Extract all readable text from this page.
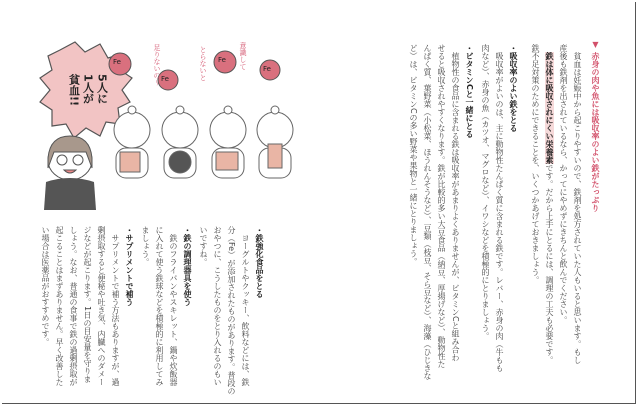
▼ 赤身の肉や魚には吸収率のよい鉄がたっぷり
　貧血は妊娠中から起こりやすいので、鉄剤を処方されていた人もいると思います。もし
産後も鉄剤を出されているなら、かってにやめずにきちんと飲んでください。
　鉄は体に吸収されにくい栄養素です。だから上手にとるには、調理の工夫も必要です。
鉄不足対策のためにできることを、いくつかあげておきましょう。
・吸収率のよい鉄をとる
　吸収率がよいのは、主に動物性たんぱく質に含まれる鉄です。レバー、赤身の肉（牛もも
肉など）、赤身の魚（カツオ、マグロなど）、イワシなどを積極的にとりましょう。
・ビタミンCと一緒にとる
　植物性の食品に含まれる鉄は吸収率があまりよくありませんが、ビタミンCと組み合わ
せると吸収されやすくなります。鉄が比較的多い大豆食品（納豆、厚揚げなど）、動物性た
んぱく質、葉野菜（小松菜、ほうれんそうなど）、豆類（枝豆、そら豆など）、海藻（ひじきな
ど）は、ビタミンCの多い野菜や果物と一緒にとりましょう。
・鉄強化食品をとる
　ヨーグルトやクッキー、飲料などには、鉄
分（Fe）が添加されたものがあります。普段の
おやつに、こうしたものをとり入れるのもい
いですね。
・鉄の調理器具を使う
　鉄のフライパンやスキレット、鍋や炊飯器
に入れて使う鉄球などを積極的に利用してみ
ましょう。
・サプリメントで補う
　サプリメントで補う方法もありますが、過
剰摂取すると便秘や吐き気、内臓へのダメー
ジなどが起こります。1日の目安量を守りま
しょう。なお、普通の食事で鉄の過剰摂取が
起こることはまずありません。早く改善した
い場合は医薬品がおすすめです。
5人に
1人が
貧血!!
Fe
Fe
Fe
Fe
足りないの〜	とらないと	意識して
